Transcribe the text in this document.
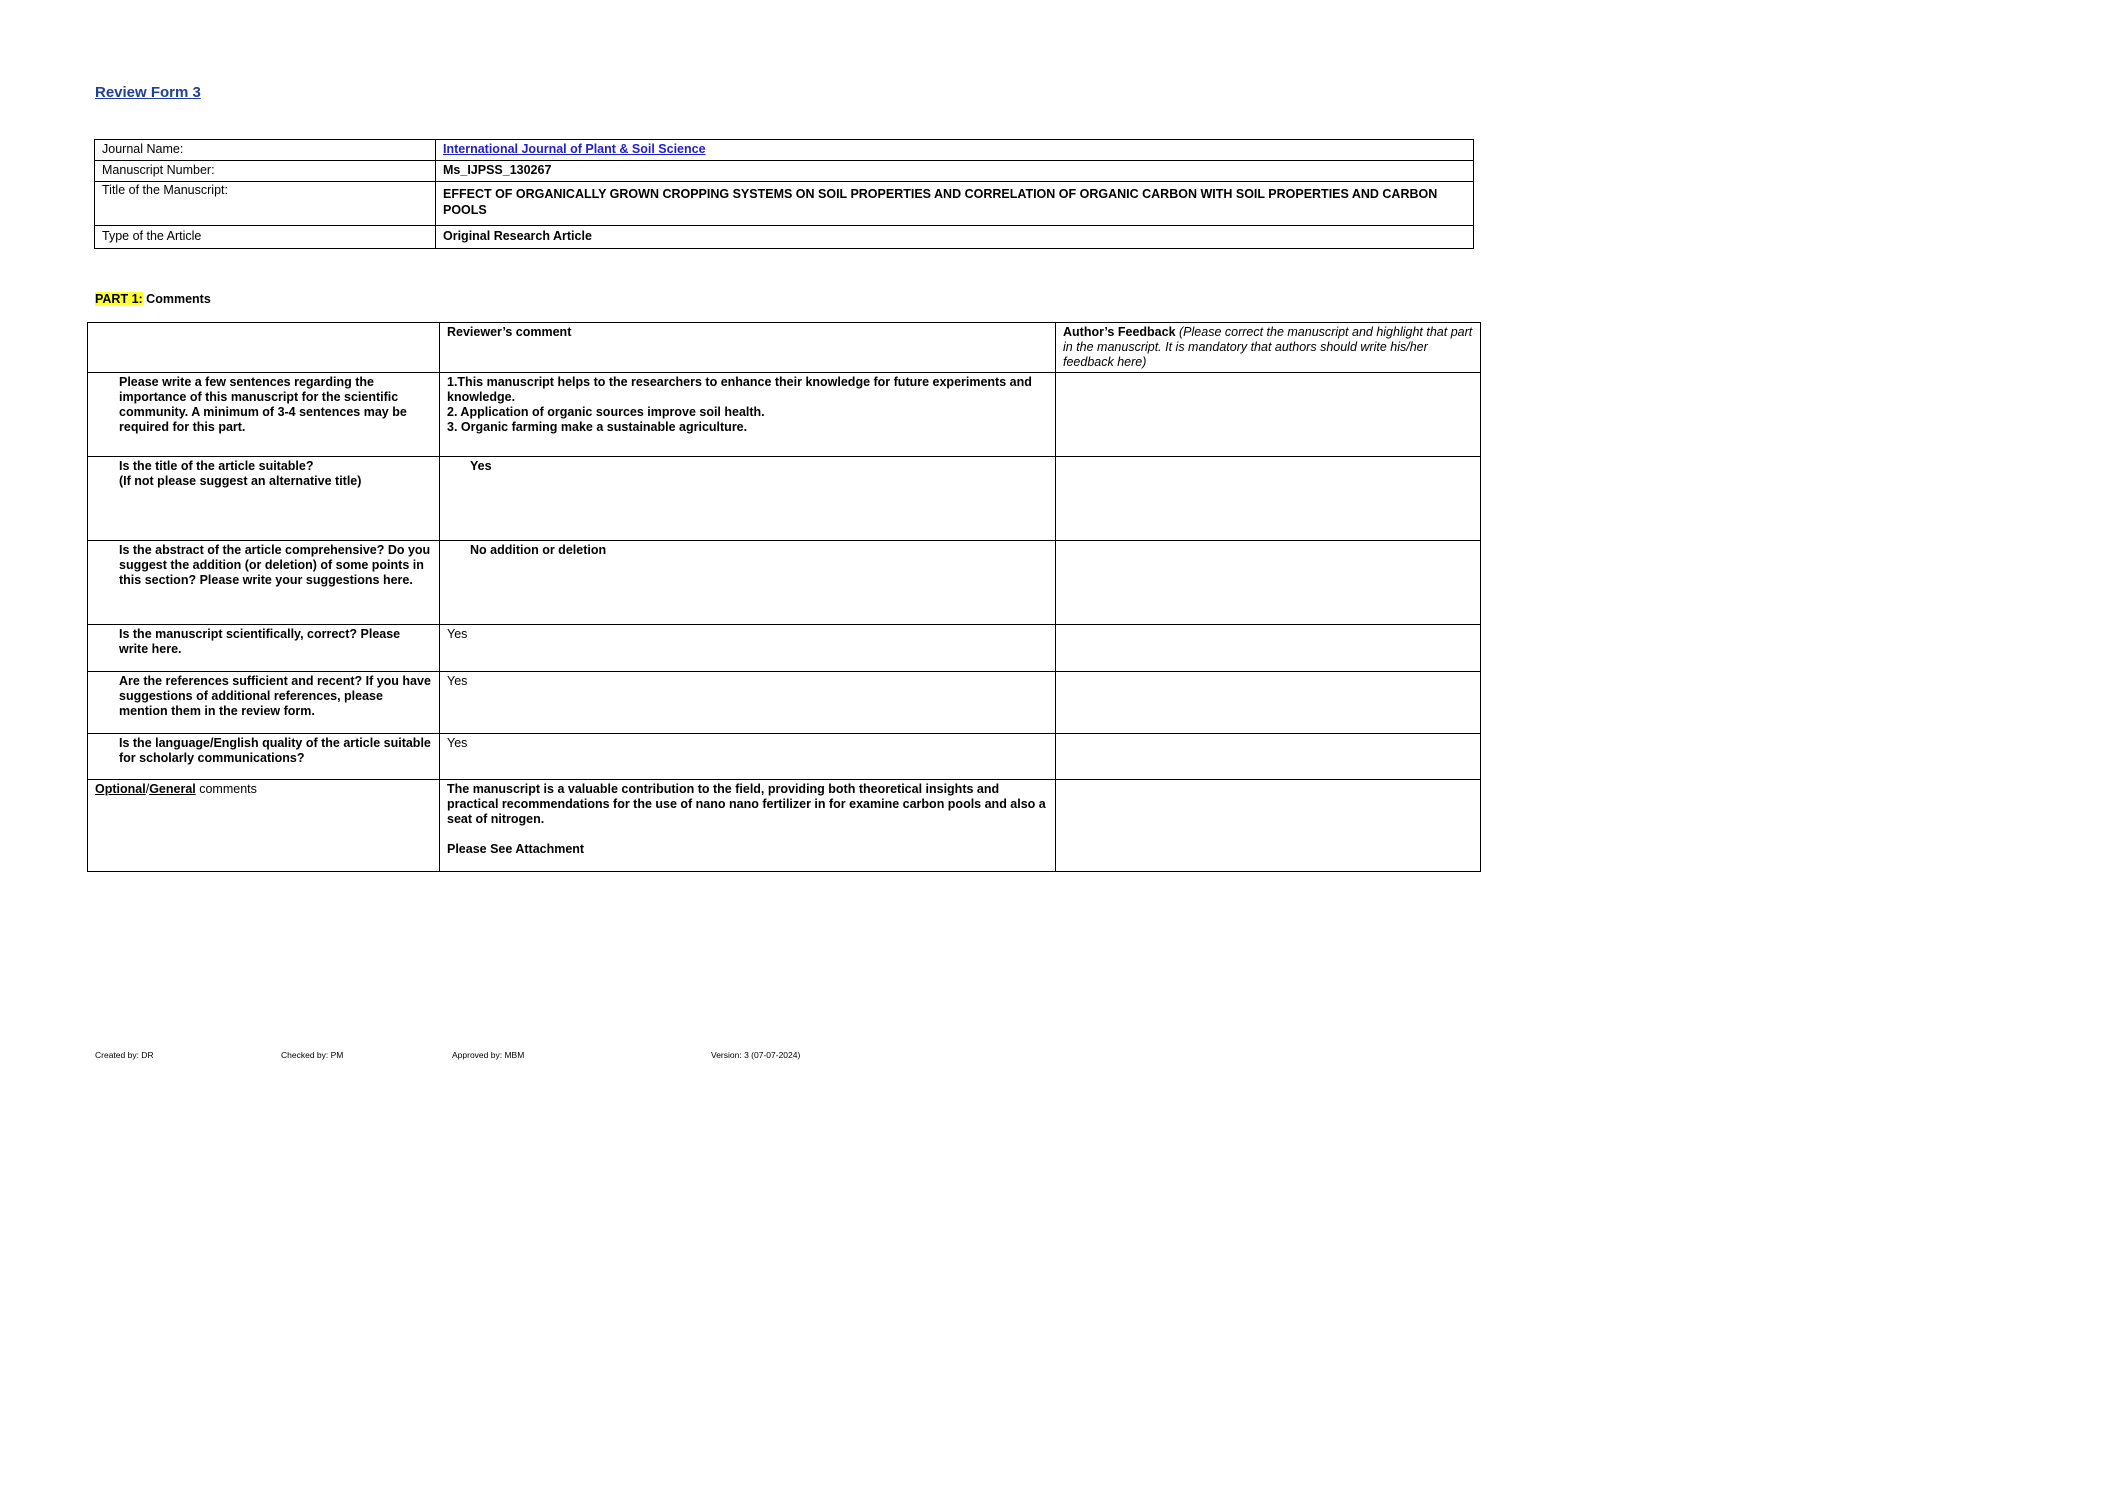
Review Form 3
Journal Name:	International Journal of Plant & Soil Science
Manuscript Number:	Ms_IJPSS_130267
Title of the Manuscript:	EFFECT OF ORGANICALLY GROWN CROPPING SYSTEMS ON SOIL PROPERTIES AND CORRELATION OF ORGANIC CARBON WITH SOIL PROPERTIES AND CARBON POOLS
Type of the Article	Original Research Article

PART 1: Comments

	Reviewer’s comment	Author’s Feedback (Please correct the manuscript and highlight that part in the manuscript. It is mandatory that authors should write his/her feedback here)

Please write a few sentences regarding the importance of this manuscript for the scientific community. A minimum of 3-4 sentences may be required for this part.	1.This manuscript helps to the researchers to enhance their knowledge for future experiments and knowledge.
2. Application of organic sources improve soil health.
3. Organic farming make a sustainable agriculture.	

Is the title of the article suitable?
(If not please suggest an alternative title)	Yes	

Is the abstract of the article comprehensive? Do you suggest the addition (or deletion) of some points in this section? Please write your suggestions here.	No addition or deletion	

Is the manuscript scientifically, correct? Please write here.	Yes	

Are the references sufficient and recent? If you have suggestions of additional references, please mention them in the review form.	Yes	

Is the language/English quality of the article suitable for scholarly communications?	Yes	
Optional/General comments	The manuscript is a valuable contribution to the field, providing both theoretical insights and practical recommendations for the use of nano nano fertilizer in for examine carbon pools and also a seat of nitrogen.
Please See Attachment	

Created by: DR	Checked by: PM	Approved by: MBM	Version: 3 (07-07-2024)
